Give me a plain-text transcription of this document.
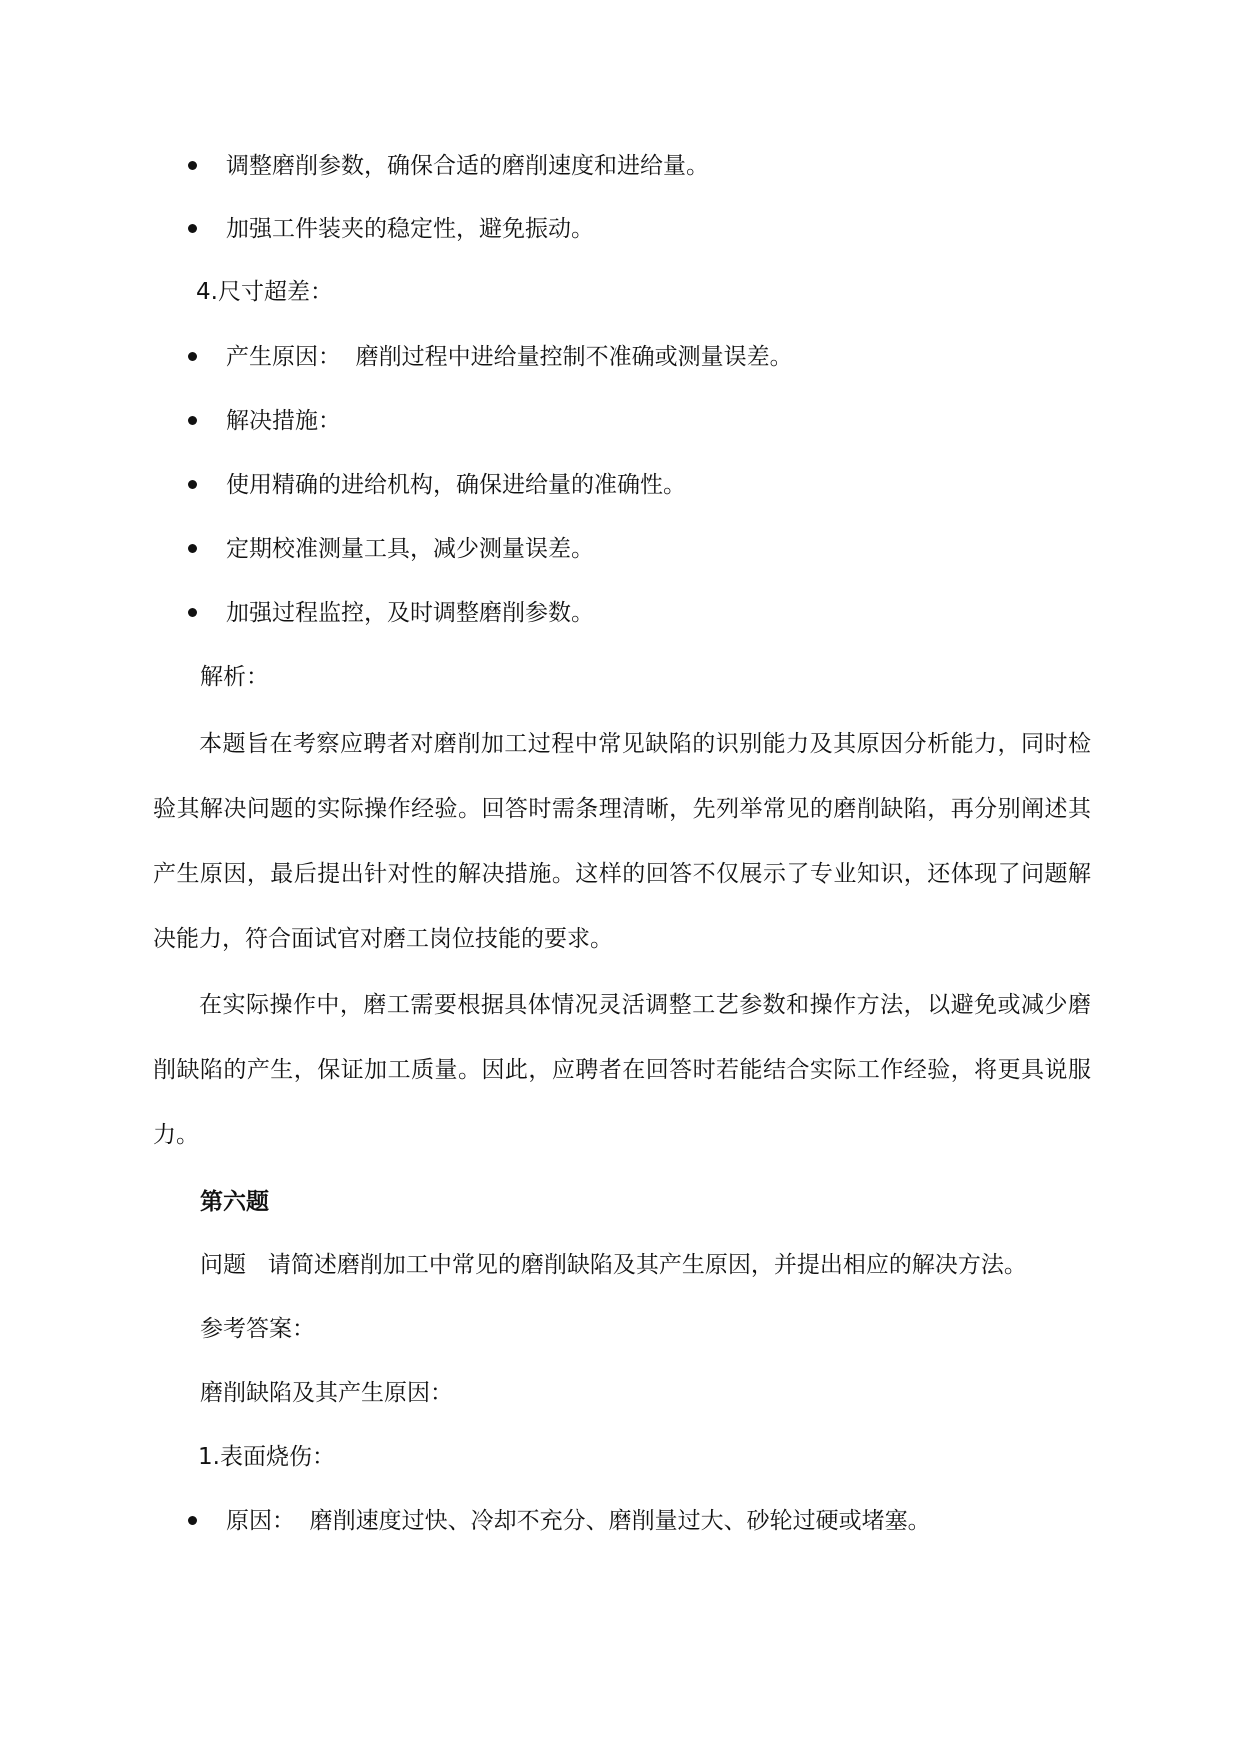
调整磨削参数，确保合适的磨削速度和进给量。
加强工件装夹的稳定性，避免振动。
4.尺寸超差：
产生原因：  磨削过程中进给量控制不准确或测量误差。
解决措施：
使用精确的进给机构，确保进给量的准确性。
定期校准测量工具，减少测量误差。
加强过程监控，及时调整磨削参数。
解析：
本题旨在考察应聘者对磨削加工过程中常见缺陷的识别能力及其原因分析能力，同时检验其解决问题的实际操作经验。回答时需条理清晰，先列举常见的磨削缺陷，再分别阐述其产生原因，最后提出针对性的解决措施。这样的回答不仅展示了专业知识，还体现了问题解决能力，符合面试官对磨工岗位技能的要求。
在实际操作中，磨工需要根据具体情况灵活调整工艺参数和操作方法，以避免或减少磨削缺陷的产生，保证加工质量。因此，应聘者在回答时若能结合实际工作经验，将更具说服力。
第六题
问题   请简述磨削加工中常见的磨削缺陷及其产生原因，并提出相应的解决方法。
参考答案：
磨削缺陷及其产生原因：
1.表面烧伤：
原因：  磨削速度过快、冷却不充分、磨削量过大、砂轮过硬或堵塞。
